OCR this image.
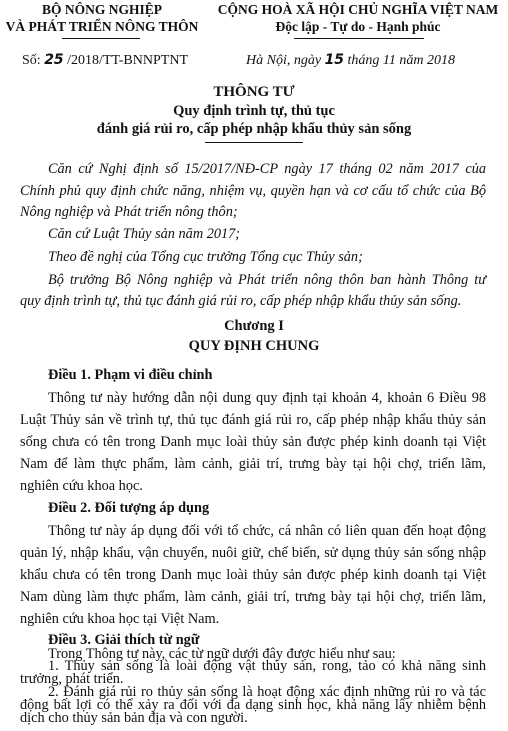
BỘ NÔNG NGHIỆP
VÀ PHÁT TRIỂN NÔNG THÔN
CỘNG HOÀ XÃ HỘI CHỦ NGHĨA VIỆT NAM
Độc lập - Tự do - Hạnh phúc
Số: 25 /2018/TT-BNNPTNT	Hà Nội, ngày 15 tháng 11 năm 2018
THÔNG TƯ
Quy định trình tự, thủ tục
đánh giá rủi ro, cấp phép nhập khẩu thủy sản sống
Căn cứ Nghị định số 15/2017/NĐ-CP ngày 17 tháng 02 năm 2017 của
Chính phủ quy định chức năng, nhiệm vụ, quyền hạn và cơ cấu tổ chức của Bộ
Nông nghiệp và Phát triển nông thôn;
Căn cứ Luật Thủy sản năm 2017;
Theo đề nghị của Tổng cục trưởng Tổng cục Thủy sản;
Bộ trưởng Bộ Nông nghiệp và Phát triển nông thôn ban hành Thông tư
quy định trình tự, thủ tục đánh giá rủi ro, cấp phép nhập khẩu thủy sản sống.
Chương I
QUY ĐỊNH CHUNG
Điều 1. Phạm vi điều chỉnh
Thông tư này hướng dẫn nội dung quy định tại khoản 4, khoản 6 Điều 98
Luật Thủy sản về trình tự, thủ tục đánh giá rủi ro, cấp phép nhập khẩu thủy sản
sống chưa có tên trong Danh mục loài thủy sản được phép kinh doanh tại Việt
Nam để làm thực phẩm, làm cảnh, giải trí, trưng bày tại hội chợ, triển lãm,
nghiên cứu khoa học.
Điều 2. Đối tượng áp dụng
Thông tư này áp dụng đối với tổ chức, cá nhân có liên quan đến hoạt động
quản lý, nhập khẩu, vận chuyển, nuôi giữ, chế biến, sử dụng thủy sản sống nhập
khẩu chưa có tên trong Danh mục loài thủy sản được phép kinh doanh tại Việt
Nam dùng làm thực phẩm, làm cảnh, giải trí, trưng bày tại hội chợ, triển lãm,
nghiên cứu khoa học tại Việt Nam.
Điều 3. Giải thích từ ngữ
Trong Thông tư này, các từ ngữ dưới đây được hiểu như sau:
1. Thủy sản sống là loài động vật thủy sản, rong, tảo có khả năng sinh
trưởng, phát triển.
2. Đánh giá rủi ro thủy sản sống là hoạt động xác định những rủi ro và tác
động bất lợi có thể xảy ra đối với đa dạng sinh học, khả năng lây nhiễm bệnh
dịch cho thủy sản bản địa và con người.
